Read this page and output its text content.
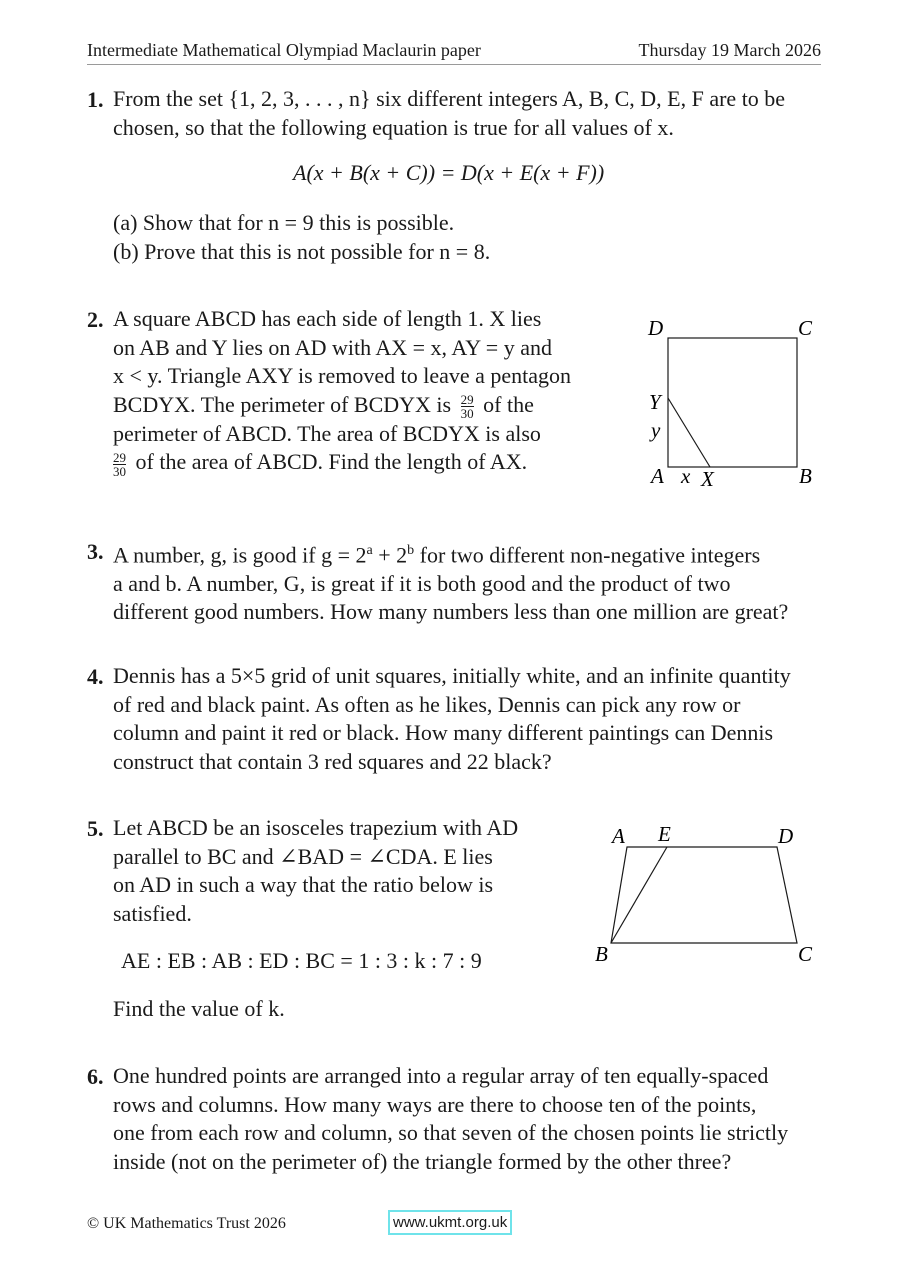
Intermediate Mathematical Olympiad Maclaurin paper	Thursday 19 March 2026
1. From the set {1, 2, 3, . . . , n} six different integers A, B, C, D, E, F are to be
chosen, so that the following equation is true for all values of x.
A(x + B(x + C)) = D(x + E(x + F))
(a) Show that for n = 9 this is possible.
(b) Prove that this is not possible for n = 8.
2. A square ABCD has each side of length 1. X lies
on AB and Y lies on AD with AX = x, AY = y and
x < y. Triangle AXY is removed to leave a pentagon
BCDYX. The perimeter of BCDYX is $\frac{29}{30}$ of the
perimeter of ABCD. The area of BCDYX is also
$\frac{29}{30}$ of the area of ABCD. Find the length of AX.
D	C
Y
y
A x X	B
3. A number, g, is good if $g = 2^a + 2^b$ for two different non-negative integers
a and b. A number, G, is great if it is both good and the product of two
different good numbers. How many numbers less than one million are great?
4. Dennis has a 5×5 grid of unit squares, initially white, and an infinite quantity
of red and black paint. As often as he likes, Dennis can pick any row or
column and paint it red or black. How many different paintings can Dennis
construct that contain 3 red squares and 22 black?
5. Let ABCD be an isosceles trapezium with AD
parallel to BC and ∠BAD = ∠CDA. E lies
on AD in such a way that the ratio below is
satisfied.
AE : EB : AB : ED : BC = 1 : 3 : k : 7 : 9
Find the value of k.
A E	D
B	C
6. One hundred points are arranged into a regular array of ten equally-spaced
rows and columns. How many ways are there to choose ten of the points,
one from each row and column, so that seven of the chosen points lie strictly
inside (not on the perimeter of) the triangle formed by the other three?
© UK Mathematics Trust 2026	www.ukmt.org.uk
